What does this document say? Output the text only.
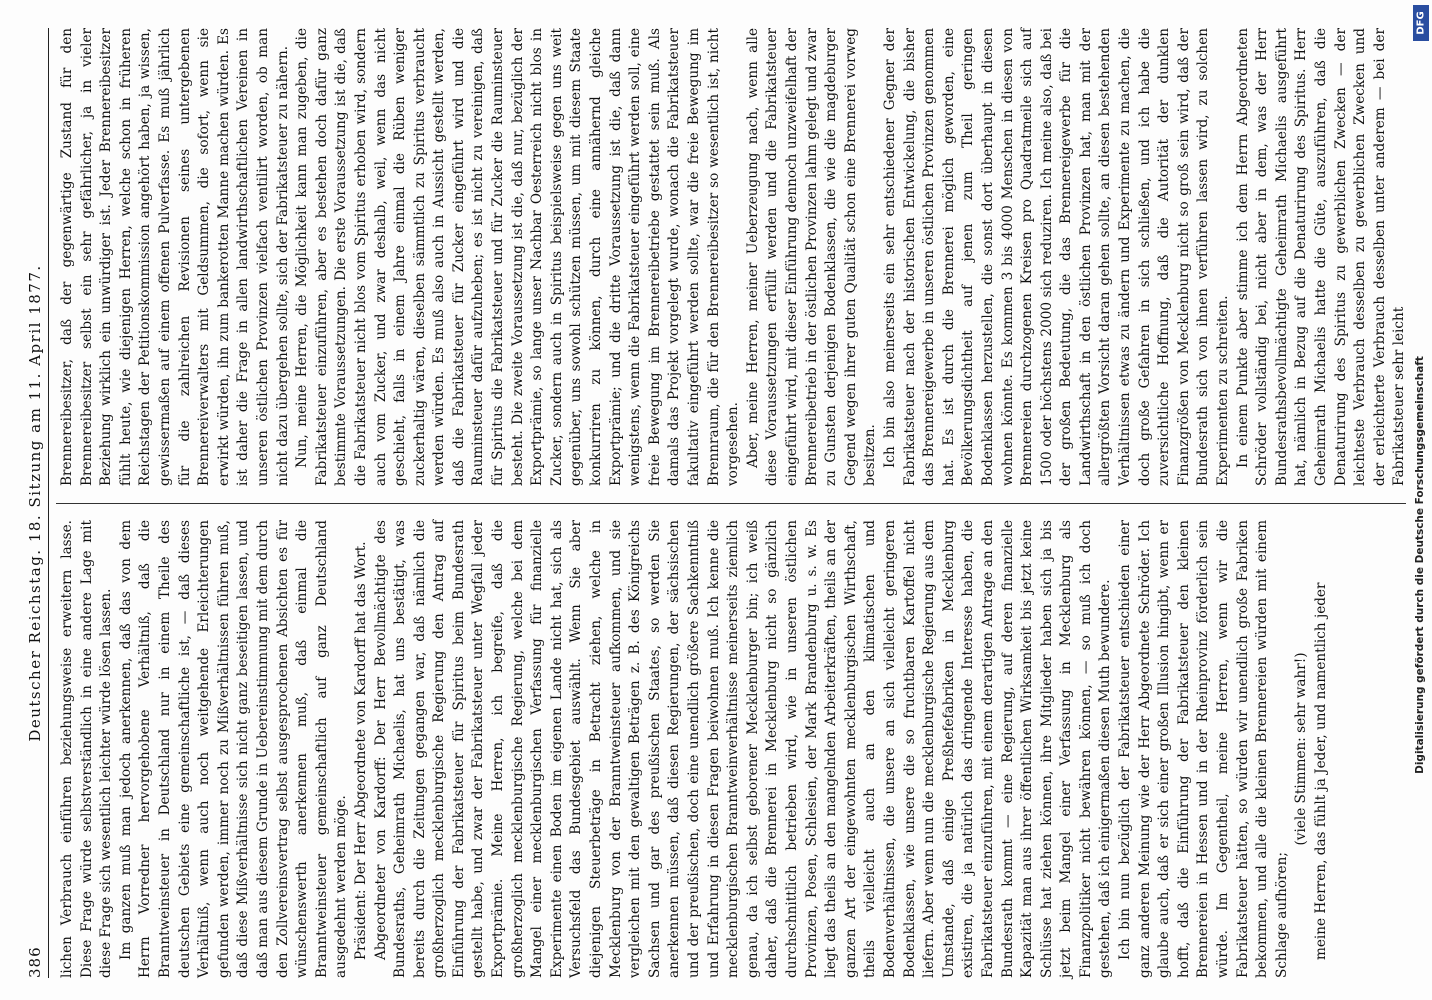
386
Deutscher Reichstag. 18. Sitzung am 11. April 1877.

lichen Verbrauch einführen beziehungsweise erweitern lasse. Diese Frage würde selbstverständlich in eine andere Lage mit diese Frage sich wesentlich leichter würde lösen lassen. Im ganzen muß man jedoch anerkennen, daß das von dem Herrn Vorredner hervorgehobene Verhältniß, daß die Branntweinsteuer in Deutschland nur in einem Theile des deutschen Gebiets eine gemeinschaftliche ist, — daß dieses Verhältniß, wenn auch noch weitgehende Erleichterungen gefunden werden, immer noch zu Mißverhältnissen führen muß, daß diese Mißverhältnisse sich nicht ganz beseitigen lassen, und daß man aus diesem Grunde in Uebereinstimmung mit dem durch den Zollvereinsvertrag selbst ausgesprochenen Absichten es für wünschenswerth anerkennen muß, daß einmal die Branntweinsteuer gemeinschaftlich auf ganz Deutschland ausgedehnt werden möge. Präsident: Der Herr Abgeordnete von Kardorff hat das Wort. Abgeordneter von Kardorff: Der Herr Bevollmächtigte des Bundesraths, Geheimrath Michaelis, hat uns bestätigt, was bereits durch die Zeitungen gegangen war, daß nämlich die großherzoglich mecklenburgische Regierung den Antrag auf Einführung der Fabrikatsteuer für Spiritus beim Bundesrath gestellt habe, und zwar der Fabrikatsteuer unter Wegfall jeder Exportprämie. Meine Herren, ich begreife, daß die großherzoglich mecklenburgische Regierung, welche bei dem Mangel einer mecklenburgischen Verfassung für finanzielle Experimente einen Boden im eigenen Lande nicht hat, sich als Versuchsfeld das Bundesgebiet auswählt. Wenn Sie aber diejenigen Steuerbeträge in Betracht ziehen, welche in Mecklenburg von der Branntweinsteuer aufkommen, und sie vergleichen mit den gewaltigen Beträgen z. B. des Königreichs Sachsen und gar des preußischen Staates, so werden Sie anerkennen müssen, daß diesen Regierungen, der sächsischen und der preußischen, doch eine unendlich größere Sachkenntniß und Erfahrung in diesen Fragen beiwohnen muß. Ich kenne die mecklenburgischen Branntweinverhältnisse meinerseits ziemlich genau, da ich selbst geborener Mecklenburger bin; ich weiß daher, daß die Brennerei in Mecklenburg nicht so gänzlich durchschnittlich betrieben wird, wie in unseren östlichen Provinzen, Posen, Schlesien, der Mark Brandenburg u. s. w. Es liegt das theils an den mangelnden Arbeiterkräften, theils an der ganzen Art der eingewohnten mecklenburgischen Wirthschaft, theils vielleicht auch an den klimatischen und Bodenverhältnissen, die unsere an sich vielleicht geringeren Bodenklassen, wie unsere die so fruchtbaren Kartoffel nicht liefern. Aber wenn nun die mecklenburgische Regierung aus dem Umstande, daß einige Preßhefefabriken in Mecklenburg existiren, die ja natürlich das dringende Interesse haben, die Fabrikatsteuer einzuführen, mit einem derartigen Antrage an den Bundesrath kommt — eine Regierung, auf deren finanzielle Kapazität man aus ihrer öffentlichen Wirksamkeit bis jetzt keine Schlüsse hat ziehen können, ihre Mitglieder haben sich ja bis jetzt beim Mangel einer Verfassung in Mecklenburg als Finanzpolitiker nicht bewähren können, — so muß ich doch gestehen, daß ich einigermaßen diesen Muth bewundere. Ich bin nun bezüglich der Fabrikatsteuer entschieden einer ganz anderen Meinung wie der Herr Abgeordnete Schröder. Ich glaube auch, daß er sich einer großen Illusion hingibt, wenn er hofft, daß die Einführung der Fabrikatsteuer den kleinen Brennereien in Hessen und in der Rheinprovinz förderlich sein würde. Im Gegentheil, meine Herren, wenn wir die Fabrikatsteuer hätten, so würden wir unendlich große Fabriken bekommen, und alle die kleinen Brennereien würden mit einem Schlage aufhören;

(viele Stimmen: sehr wahr!) meine Herren, das fühlt ja Jeder, und namentlich jeder

Brennereibesitzer, daß der gegenwärtige Zustand für den Brennereibesitzer selbst ein sehr gefährlicher, ja in vieler Beziehung wirklich ein unwürdiger ist. Jeder Brennereibesitzer fühlt heute, wie diejenigen Herren, welche schon in früheren Reichstagen der Petitionskommission angehört haben, ja wissen, gewissermaßen auf einem offenen Pulverfasse. Es muß jährlich für die zahlreichen Revisionen seines untergebenen Brennereiverwalters mit Geldsummen, die sofort, wenn sie erwirkt würden, ihn zum bankerotten Manne machen würden. Es ist daher die Frage in allen landwirthschaftlichen Vereinen in unseren östlichen Provinzen vielfach ventilirt worden, ob man nicht dazu übergehen sollte, sich der Fabrikatsteuer zu nähern. Nun, meine Herren, die Möglichkeit kann man zugeben, die Fabrikatsteuer einzuführen, aber es bestehen doch dafür ganz bestimmte Voraussetzungen. Die erste Voraussetzung ist die, daß die Fabrikatsteuer nicht blos vom Spiritus erhoben wird, sondern auch vom Zucker, und zwar deshalb, weil, wenn das nicht geschieht, falls in einem Jahre einmal die Rüben weniger zuckerhaltig wären, dieselben sämmtlich zu Spiritus verbraucht werden würden. Es muß also auch in Aussicht gestellt werden, daß die Fabrikatsteuer für Zucker eingeführt wird und die Rauminsteuer dafür aufzuheben; es ist nicht zu vereinigen, daß für Spiritus die Fabrikatsteuer und für Zucker die Rauminsteuer besteht. Die zweite Voraussetzung ist die, daß nur, bezüglich der Exportprämie, so lange unser Nachbar Oesterreich nicht blos in Zucker, sondern auch in Spiritus beispielsweise gegen uns weit gegenüber, uns sowohl schützen müssen, um mit diesem Staate konkurriren zu können, durch eine annähernd gleiche Exportprämie; und die dritte Voraussetzung ist die, daß dann wenigstens, wenn die Fabrikatsteuer eingeführt werden soll, eine freie Bewegung im Brennereibetriebe gestattet sein muß. Als damals das Projekt vorgelegt wurde, wonach die Fabrikatsteuer fakultativ eingeführt werden sollte, war die freie Bewegung im Brennraum, die für den Brennereibesitzer so wesentlich ist, nicht vorgesehen. Aber, meine Herren, meiner Ueberzeugung nach, wenn alle diese Voraussetzungen erfüllt werden und die Fabrikatsteuer eingeführt wird, mit dieser Einführung dennoch unzweifelhaft der Brennereibetrieb in der östlichen Provinzen lahm gelegt und zwar zu Gunsten derjenigen Bodenklassen, die wie die magdeburger Gegend wegen ihrer guten Qualität schon eine Brennerei vorweg besitzen. Ich bin also meinerseits ein sehr entschiedener Gegner der Fabrikatsteuer nach der historischen Entwickelung, die bisher das Brennereigewerbe in unseren östlichen Provinzen genommen hat. Es ist durch die Brennerei möglich geworden, eine Bevölkerungsdichtheit auf jenen zum Theil geringen Bodenklassen herzustellen, die sonst dort überhaupt in diesen wohnen könnte. Es kommen 3 bis 4000 Menschen in diesen von Brennereien durchzogenen Kreisen pro Quadratmeile sich auf 1500 oder höchstens 2000 sich reduziren. Ich meine also, daß bei der großen Bedeutung, die das Brennereigewerbe für die Landwirthschaft in den östlichen Provinzen hat, man mit der allergrößten Vorsicht daran gehen sollte, an diesen bestehenden Verhältnissen etwas zu ändern und Experimente zu machen, die doch große Gefahren in sich schließen, und ich habe die zuversichtliche Hoffnung, daß die Autorität der dunklen Finanzgrößen von Mecklenburg nicht so groß sein wird, daß der Bundesrath sich von ihnen verführen lassen wird, zu solchen Experimenten zu schreiten. In einem Punkte aber stimme ich dem Herrn Abgeordneten Schröder vollständig bei, nicht aber in dem, was der Herr Bundesrathsbevollmächtigte Geheimrath Michaelis ausgeführt hat, nämlich in Bezug auf die Denaturirung des Spiritus. Herr Geheimrath Michaelis hatte die Güte, auszuführen, daß die Denaturirung des Spiritus zu gewerblichen Zwecken — der leichteste Verbrauch desselben zu gewerblichen Zwecken und der erleichterte Verbrauch desselben unter anderem — bei der Fabrikatsteuer sehr leicht

DFG
Digitalisierung gefördert durch die Deutsche Forschungsgemeinschaft
